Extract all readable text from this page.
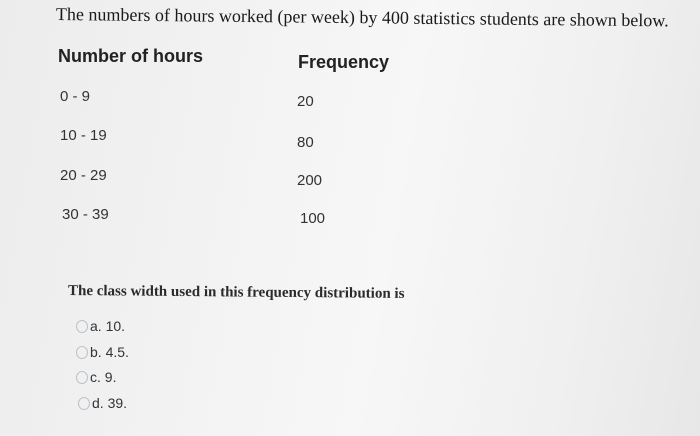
The numbers of hours worked (per week) by 400 statistics students are shown below.
Number of hours	Frequency
0 - 9	20
10 - 19	80
20 - 29	200
30 - 39	100
The class width used in this frequency distribution is
a. 10.
b. 4.5.
c. 9.
d. 39.
